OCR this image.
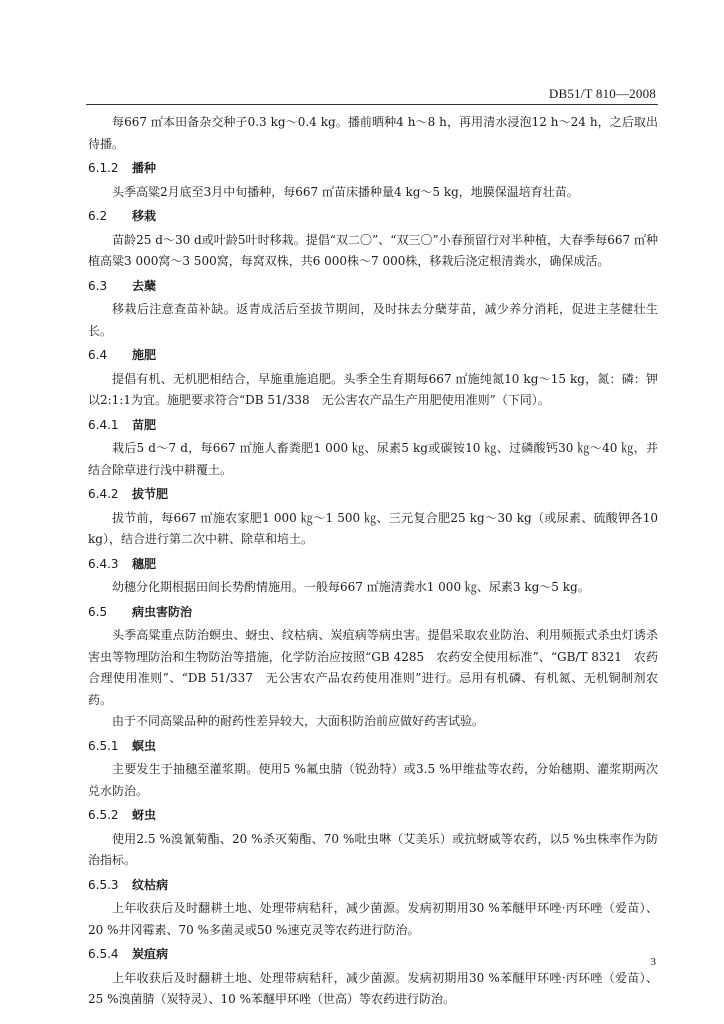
DB51/T 810—2008

每667 ㎡本田备杂交种子0.3 kg～0.4 kg。播前晒种4 h～8 h，再用清水浸泡12 h～24 h，之后取出待播。

6.1.2 播种

头季高粱2月底至3月中旬播种，每667 ㎡苗床播种量4 kg～5 kg，地膜保温培育壮苗。

6.2 移栽

苗龄25 d～30 d或叶龄5叶时移栽。提倡“双二〇”、“双三〇”小春预留行对半种植，大春季每667 ㎡种植高粱3 000窝～3 500窝，每窝双株，共6 000株～7 000株，移栽后浇定根清粪水，确保成活。

6.3 去蘖

移栽后注意查苗补缺。返青成活后至拔节期间，及时抹去分蘖芽苗，减少养分消耗，促进主茎健壮生长。

6.4 施肥

提倡有机、无机肥相结合，早施重施追肥。头季全生育期每667 ㎡施纯氮10 kg～15 kg，氮：磷：钾以2:1:1为宜。施肥要求符合“DB 51/338　无公害农产品生产用肥使用准则”（下同）。

6.4.1 苗肥

栽后5 d～7 d，每667 ㎡施人畜粪肥1 000 ㎏、尿素5 kg或碳铵10 ㎏、过磷酸钙30 ㎏～40 ㎏，并结合除草进行浅中耕覆土。

6.4.2 拔节肥

拔节前，每667 ㎡施农家肥1 000 ㎏～1 500 ㎏、三元复合肥25 kg～30 kg（或尿素、硫酸钾各10 kg），结合进行第二次中耕、除草和培土。

6.4.3 穗肥

幼穗分化期根据田间长势酌情施用。一般每667 ㎡施清粪水1 000 ㎏、尿素3 kg～5 kg。

6.5 病虫害防治

头季高粱重点防治螟虫、蚜虫、纹枯病、炭疽病等病虫害。提倡采取农业防治、利用频振式杀虫灯诱杀害虫等物理防治和生物防治等措施，化学防治应按照“GB 4285　农药安全使用标准”、“GB/T 8321　农药合理使用准则”、“DB 51/337　无公害农产品农药使用准则”进行。忌用有机磷、有机氮、无机铜制剂农药。

由于不同高粱品种的耐药性差异较大，大面积防治前应做好药害试验。

6.5.1 螟虫

主要发生于抽穗至灌浆期。使用5 %氟虫腈（锐劲特）或3.5 %甲维盐等农药，分始穗期、灌浆期两次兑水防治。

6.5.2 蚜虫

使用2.5 %溴氰菊酯、20 %杀灭菊酯、70 %吡虫啉（艾美乐）或抗蚜威等农药，以5 %虫株率作为防治指标。

6.5.3 纹枯病

上年收获后及时翻耕土地、处理带病秸秆，减少菌源。发病初期用30 %苯醚甲环唑·丙环唑（爱苗）、20 %井冈霉素、70 %多菌灵或50 %速克灵等农药进行防治。

6.5.4 炭疽病

上年收获后及时翻耕土地、处理带病秸秆，减少菌源。发病初期用30 %苯醚甲环唑·丙环唑（爱苗）、25 %溴菌腈（炭特灵）、10 %苯醚甲环唑（世高）等农药进行防治。

3
